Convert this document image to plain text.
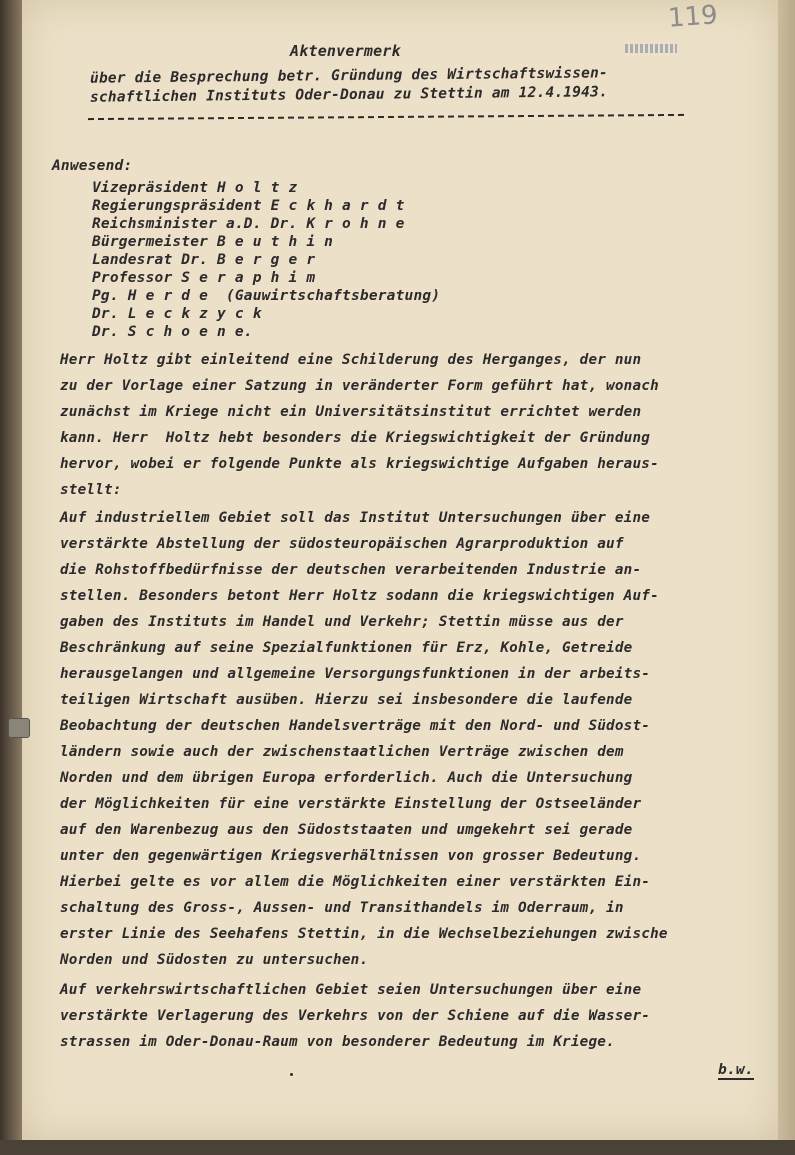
119
Aktenvermerk
über die Besprechung betr. Gründung des Wirtschaftswissen-
schaftlichen Instituts Oder-Donau zu Stettin am 12.4.1943.
Anwesend:
Vizepräsident H o l t z
Regierungspräsident E c k h a r d t
Reichsminister a.D. Dr. K r o h n e
Bürgermeister B e u t h i n
Landesrat Dr. B e r g e r
Professor S e r a p h i m
Pg. H e r d e  (Gauwirtschaftsberatung)
Dr. L e c k z y c k
Dr. S c h o e n e.
Herr Holtz gibt einleitend eine Schilderung des Herganges, der nun
zu der Vorlage einer Satzung in veränderter Form geführt hat, wonach
zunächst im Kriege nicht ein Universitätsinstitut errichtet werden
kann. Herr  Holtz hebt besonders die Kriegswichtigkeit der Gründung
hervor, wobei er folgende Punkte als kriegswichtige Aufgaben heraus-
stellt:
Auf industriellem Gebiet soll das Institut Untersuchungen über eine
verstärkte Abstellung der südosteuropäischen Agrarproduktion auf
die Rohstoffbedürfnisse der deutschen verarbeitenden Industrie an-
stellen. Besonders betont Herr Holtz sodann die kriegswichtigen Auf-
gaben des Instituts im Handel und Verkehr; Stettin müsse aus der
Beschränkung auf seine Spezialfunktionen für Erz, Kohle, Getreide
herausgelangen und allgemeine Versorgungsfunktionen in der arbeits-
teiligen Wirtschaft ausüben. Hierzu sei insbesondere die laufende
Beobachtung der deutschen Handelsverträge mit den Nord- und Südost-
ländern sowie auch der zwischenstaatlichen Verträge zwischen dem
Norden und dem übrigen Europa erforderlich. Auch die Untersuchung
der Möglichkeiten für eine verstärkte Einstellung der Ostseeländer
auf den Warenbezug aus den Südoststaaten und umgekehrt sei gerade
unter den gegenwärtigen Kriegsverhältnissen von grosser Bedeutung.
Hierbei gelte es vor allem die Möglichkeiten einer verstärkten Ein-
schaltung des Gross-, Aussen- und Transithandels im Oderraum, in
erster Linie des Seehafens Stettin, in die Wechselbeziehungen zwische
Norden und Südosten zu untersuchen.
Auf verkehrswirtschaftlichen Gebiet seien Untersuchungen über eine
verstärkte Verlagerung des Verkehrs von der Schiene auf die Wasser-
strassen im Oder-Donau-Raum von besonderer Bedeutung im Kriege.
b.w.
